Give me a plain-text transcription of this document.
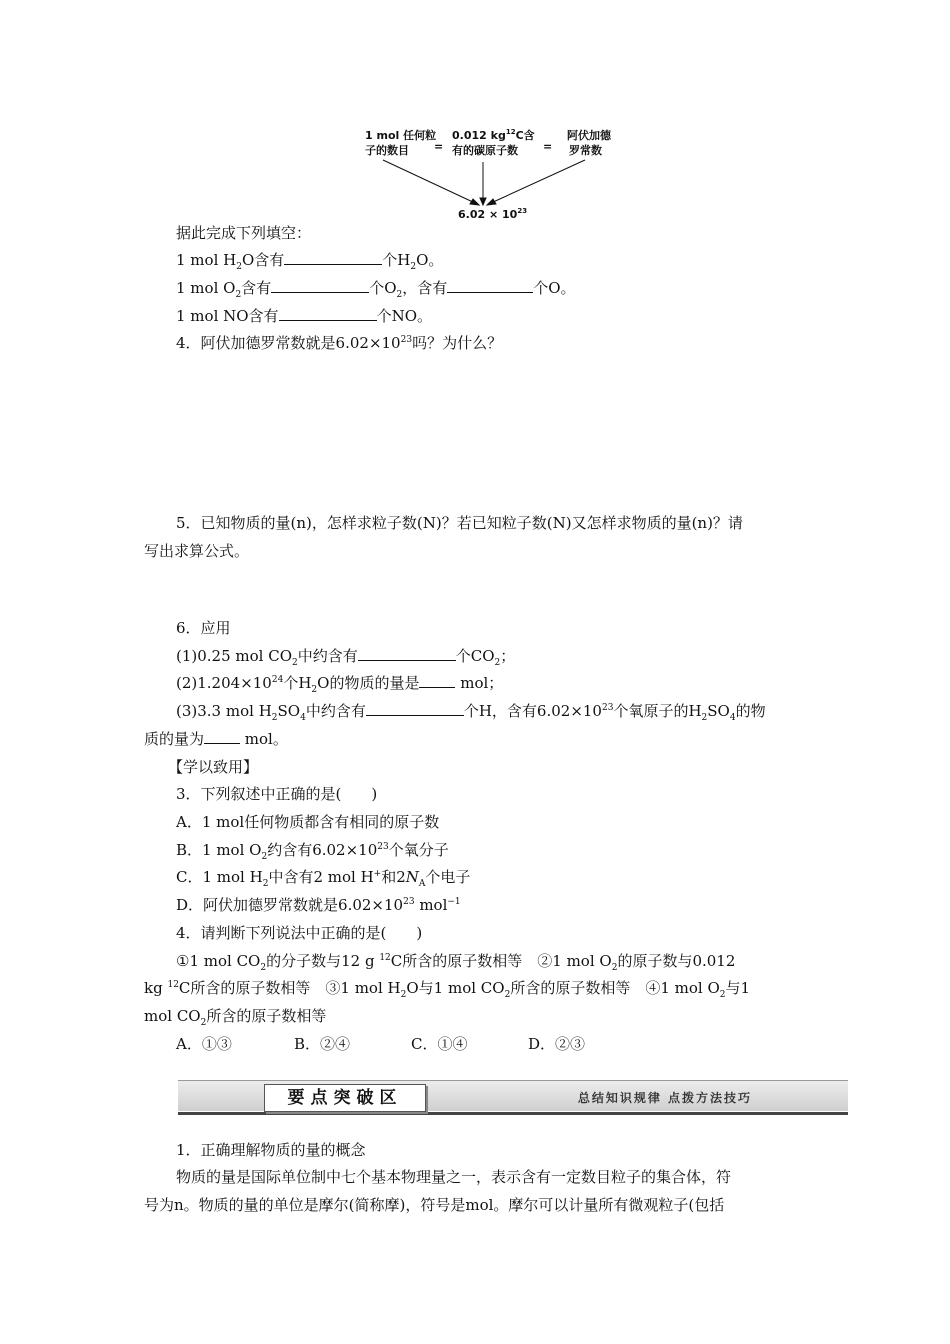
1 mol 任何粒
子的数目 =
0.012 $kg^{12}C$含
有的碳原子数 =
阿伏加德
罗常数
$6.02 \times 10^{23}$
据此完成下列填空：
1 mol $H_2O$含有	个$H_2O$。
1 mol $O_2$含有	个$O_2$，含有	个O。
1 mol NO含有	个NO。
4．阿伏加德罗常数就是$6.02\times 10^{23}$吗？为什么？
5．已知物质的量(n)，怎样求粒子数(N)？若已知粒子数(N)又怎样求物质的量(n)？请
写出求算公式。
6．应用
(1)0.25 mol $CO_2$中约含有	个$CO_2$；
$(2)1.204\times 10^{24}$个$H_2O$的物质的量是 mol；
(3)3.3 mol $H_2SO_4$中约含有	个H，含有$6.02\times 10^{23}$个氧原子的$H_2SO_4$的物
质的量为 mol。
【学以致用】
3．下列叙述中正确的是(　　)
A．1 mol任何物质都含有相同的原子数
B．1 mol $O_2$约含有$6.02\times 10^{23}$个氧分子
C．1 mol $H_2$中含有2 mol H+和$2N_A$个电子
D．阿伏加德罗常数就是$6.02\times 10^{23}$ mol$^{-1}$
4．请判断下列说法中正确的是(　　)
①1 mol $CO_2$的分子数与12 g $^{12}$C所含的原子数相等　②1 mol $O_2$的原子数与0.012
kg $^{12}$C所含的原子数相等　③1 mol $H_2O$与1 mol $CO_2$所含的原子数相等　④1 mol $O_2$与1
mol $CO_2$所含的原子数相等
A．①③	B．②④	C．①④	D．②③
要点突破区	总结知识规律 点拨方法技巧
1．正确理解物质的量的概念
物质的量是国际单位制中七个基本物理量之一，表示含有一定数目粒子的集合体，符
号为n。物质的量的单位是摩尔(简称摩)，符号是mol。摩尔可以计量所有微观粒子(包括
